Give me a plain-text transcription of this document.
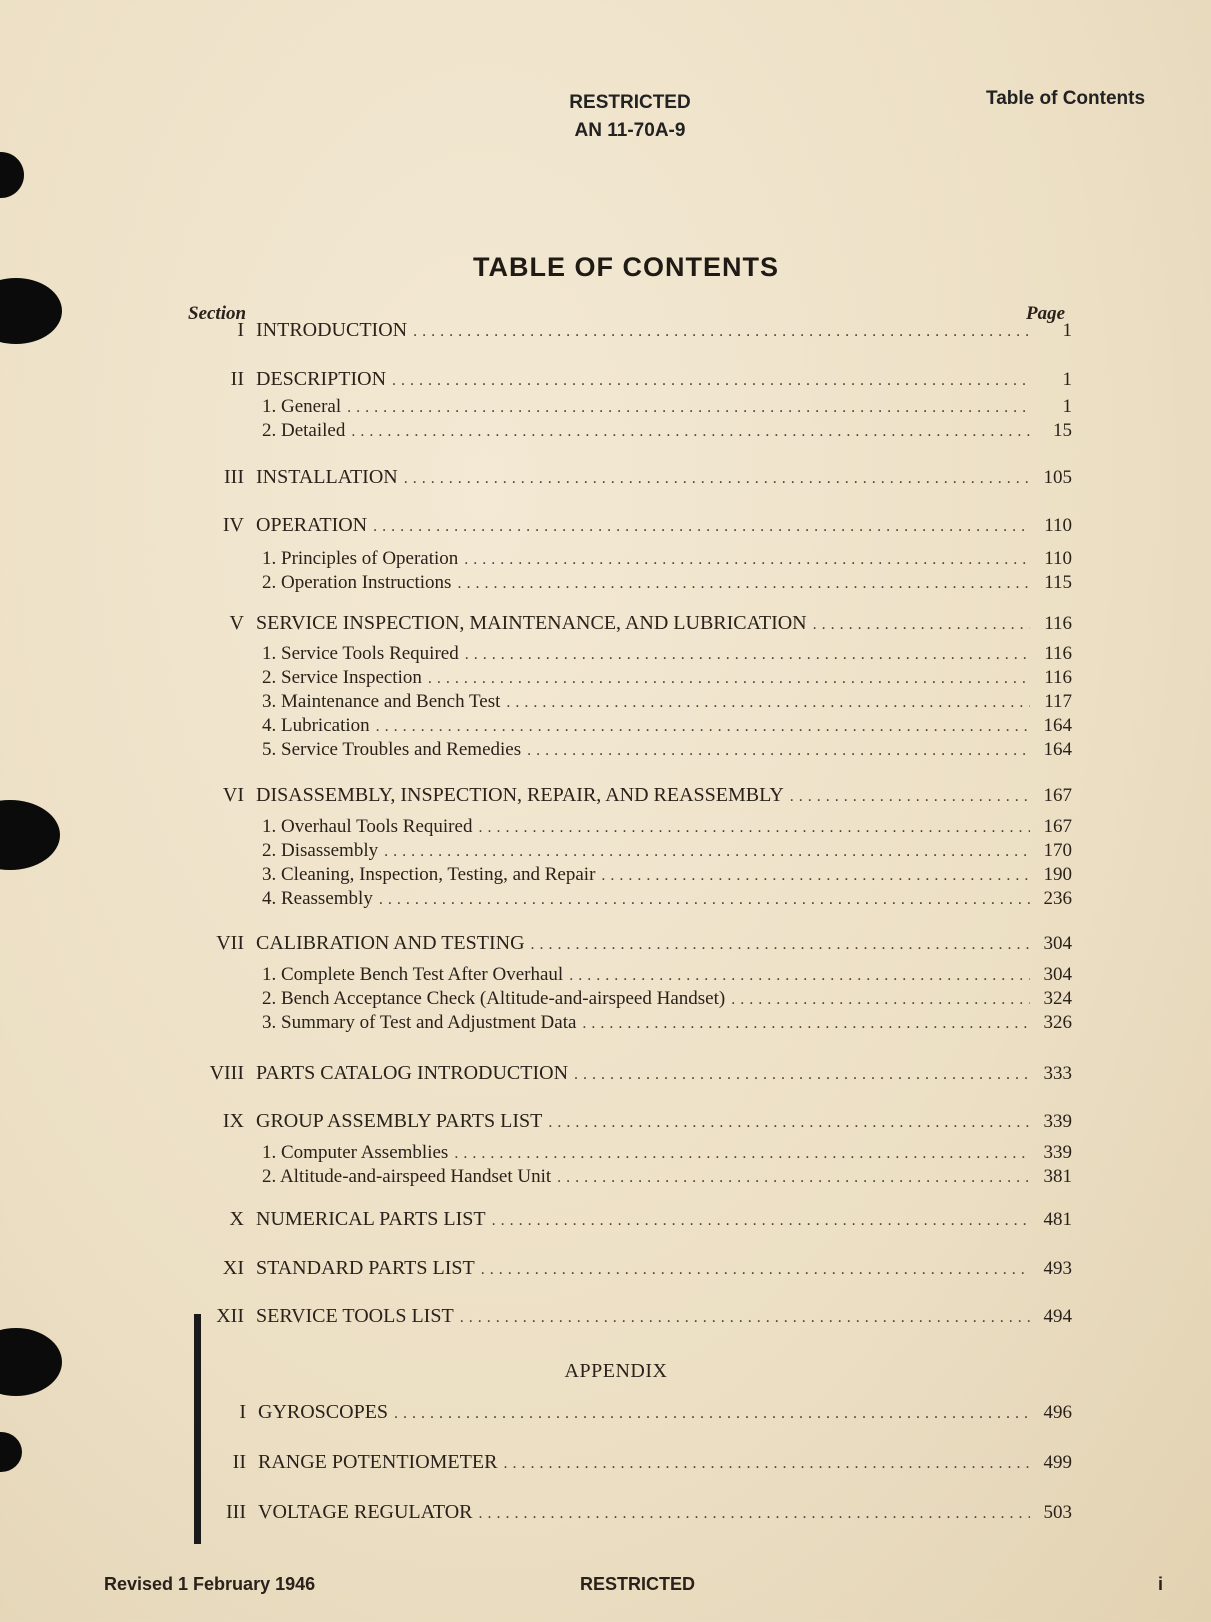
RESTRICTED
AN 11-70A-9
Table of Contents
TABLE OF CONTENTS
Section	Page
I INTRODUCTION .....	1
II DESCRIPTION .....	1
1. General .....	1
2. Detailed .....	15
III INSTALLATION .....	105
IV OPERATION .....	110
1. Principles of Operation .....	110
2. Operation Instructions .....	115
V SERVICE INSPECTION, MAINTENANCE, AND LUBRICATION .....	116
1. Service Tools Required .....	116
2. Service Inspection .....	116
3. Maintenance and Bench Test .....	117
4. Lubrication .....	164
5. Service Troubles and Remedies .....	164
VI DISASSEMBLY, INSPECTION, REPAIR, AND REASSEMBLY .....	167
1. Overhaul Tools Required .....	167
2. Disassembly .....	170
3. Cleaning, Inspection, Testing, and Repair .....	190
4. Reassembly .....	236
VII CALIBRATION AND TESTING .....	304
1. Complete Bench Test After Overhaul .....	304
2. Bench Acceptance Check (Altitude-and-airspeed Handset) .....	324
3. Summary of Test and Adjustment Data .....	326
VIII PARTS CATALOG INTRODUCTION .....	333
IX GROUP ASSEMBLY PARTS LIST .....	339
1. Computer Assemblies .....	339
2. Altitude-and-airspeed Handset Unit .....	381
X NUMERICAL PARTS LIST .....	481
XI STANDARD PARTS LIST .....	493
XII SERVICE TOOLS LIST .....	494
APPENDIX
I GYROSCOPES .....	496
II RANGE POTENTIOMETER .....	499
III VOLTAGE REGULATOR .....	503
Revised 1 February 1946	RESTRICTED	i
